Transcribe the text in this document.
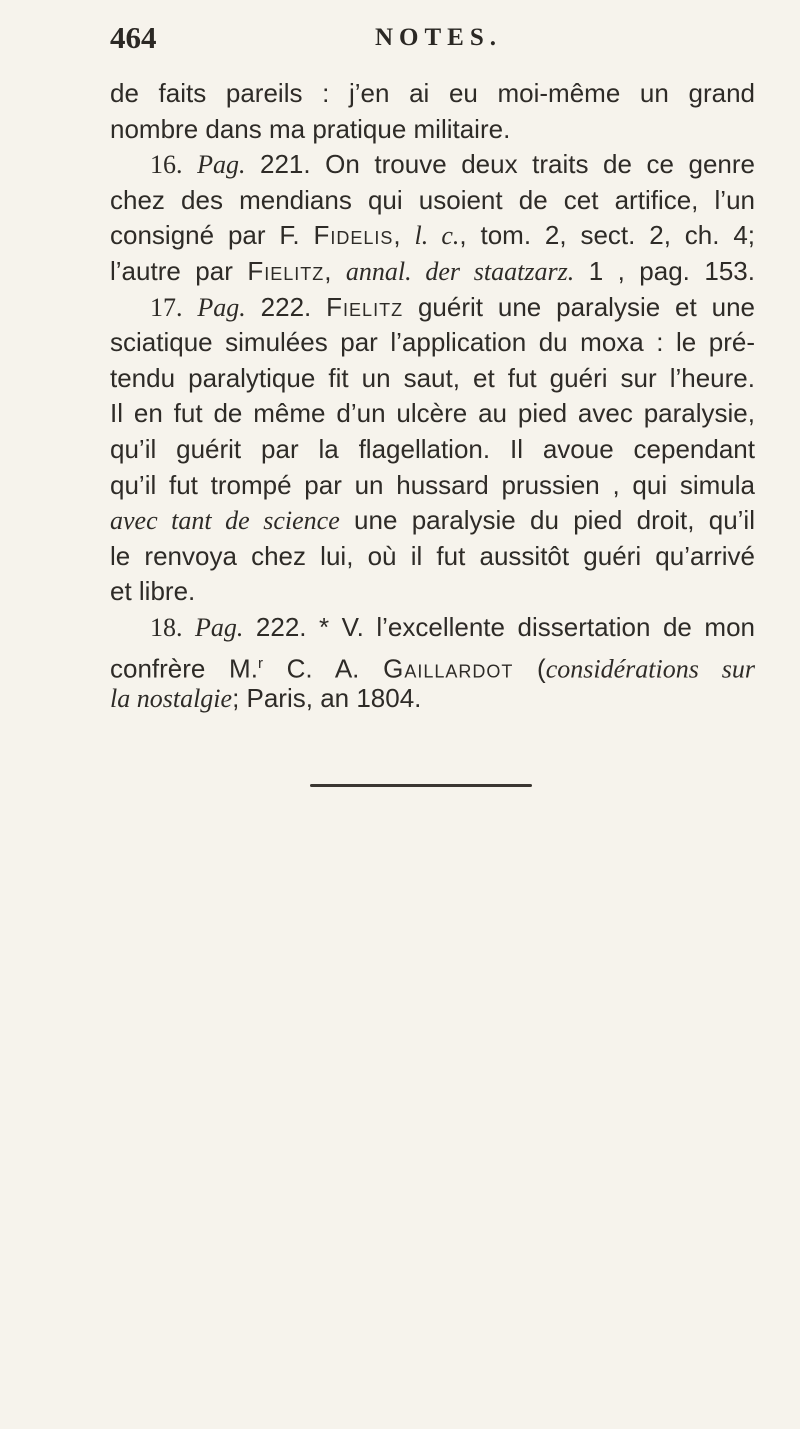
464	NOTES.
de faits pareils : j’en ai eu moi-même un grand
nombre dans ma pratique militaire.
16. Pag. 221. On trouve deux traits de ce genre
chez des mendians qui usoient de cet artifice, l’un
consigné par F. Fidelis, l. c., tom. 2, sect. 2, ch. 4;
l’autre par Fielitz, annal. der staatzarz. 1 , pag. 153.
17. Pag. 222. Fielitz guérit une paralysie et une
sciatique simulées par l’application du moxa : le pré-
tendu paralytique fit un saut, et fut guéri sur l’heure.
Il en fut de même d’un ulcère au pied avec paralysie,
qu’il guérit par la flagellation. Il avoue cependant
qu’il fut trompé par un hussard prussien , qui simula
avec tant de science une paralysie du pied droit, qu’il
le renvoya chez lui, où il fut aussitôt guéri qu’arrivé
et libre.
18. Pag. 222. * V. l’excellente dissertation de mon
confrère M.$^r$ C. A. Gaillardot (considérations sur
la nostalgie; Paris, an 1804.
